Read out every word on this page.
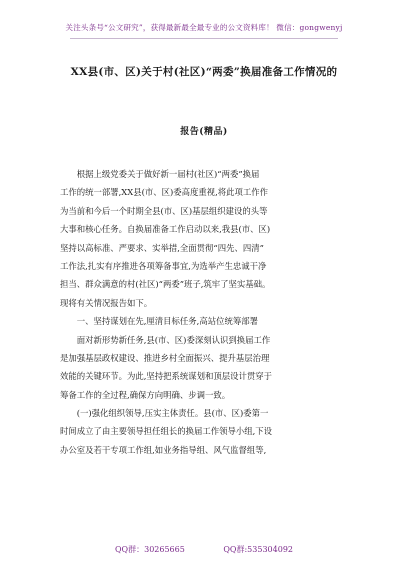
关注头条号“公文研究”，获得最新最全最专业的公文资料库！ 微信：gongwenyj
XX县(市、区)关于村(社区)“两委”换届准备工作情况的
报告(精品)
　　根据上级党委关于做好新一届村(社区)“两委”换届
工作的统一部署,XX县(市、区)委高度重视,将此项工作作
为当前和今后一个时期全县(市、区)基层组织建设的头等
大事和核心任务。自换届准备工作启动以来,我县(市、区)
坚持以高标准、严要求、实举措,全面贯彻“四先、四清”
工作法,扎实有序推进各项筹备事宜,为选举产生忠诚干净
担当、群众满意的村(社区)“两委”班子,筑牢了坚实基础。
现将有关情况报告如下。
　　一、坚持谋划在先,厘清目标任务,高站位统筹部署
　　面对新形势新任务,县(市、区)委深刻认识到换届工作
是加强基层政权建设、推进乡村全面振兴、提升基层治理
效能的关键环节。为此,坚持把系统谋划和顶层设计贯穿于
筹备工作的全过程,确保方向明确、步调一致。
　　(一)强化组织领导,压实主体责任。县(市、区)委第一
时间成立了由主要领导担任组长的换届工作领导小组,下设
办公室及若干专项工作组,如业务指导组、风气监督组等,
QQ群：30265665	QQ群:535304092
